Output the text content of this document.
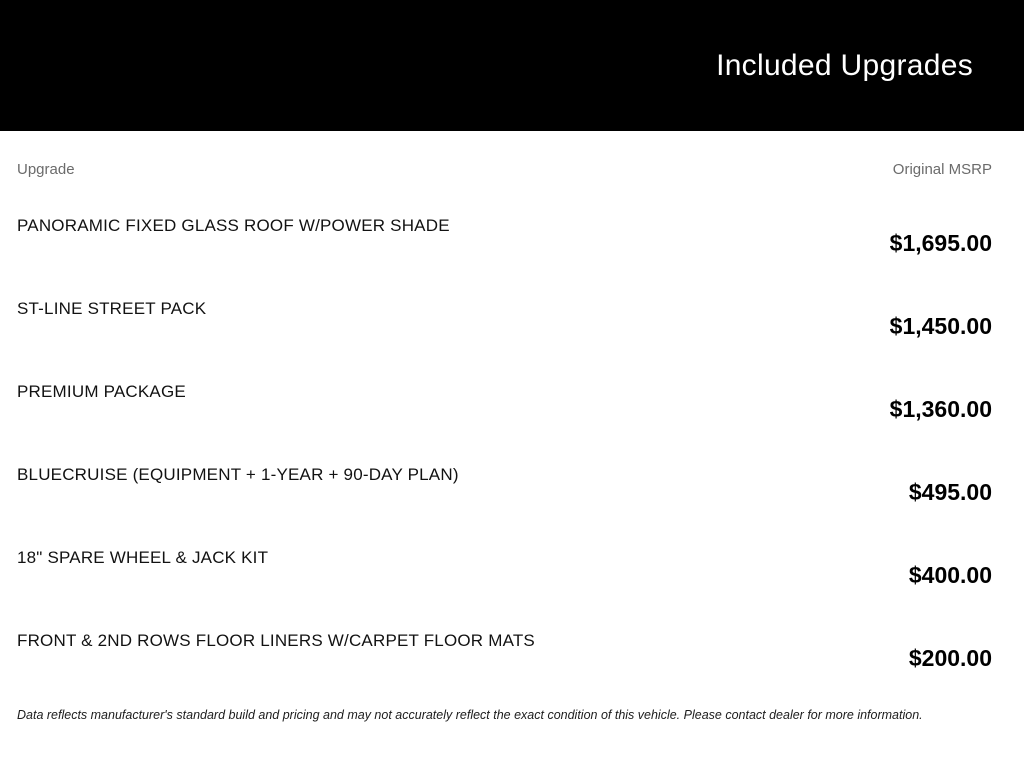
Included Upgrades
Upgrade	Original MSRP
PANORAMIC FIXED GLASS ROOF W/POWER SHADE
$1,695.00
ST-LINE STREET PACK
$1,450.00
PREMIUM PACKAGE
$1,360.00
BLUECRUISE (EQUIPMENT + 1-YEAR + 90-DAY PLAN)
$495.00
18" SPARE WHEEL & JACK KIT
$400.00
FRONT & 2ND ROWS FLOOR LINERS W/CARPET FLOOR MATS
$200.00
Data reflects manufacturer's standard build and pricing and may not accurately reflect the exact condition of this vehicle. Please contact dealer for more information.
